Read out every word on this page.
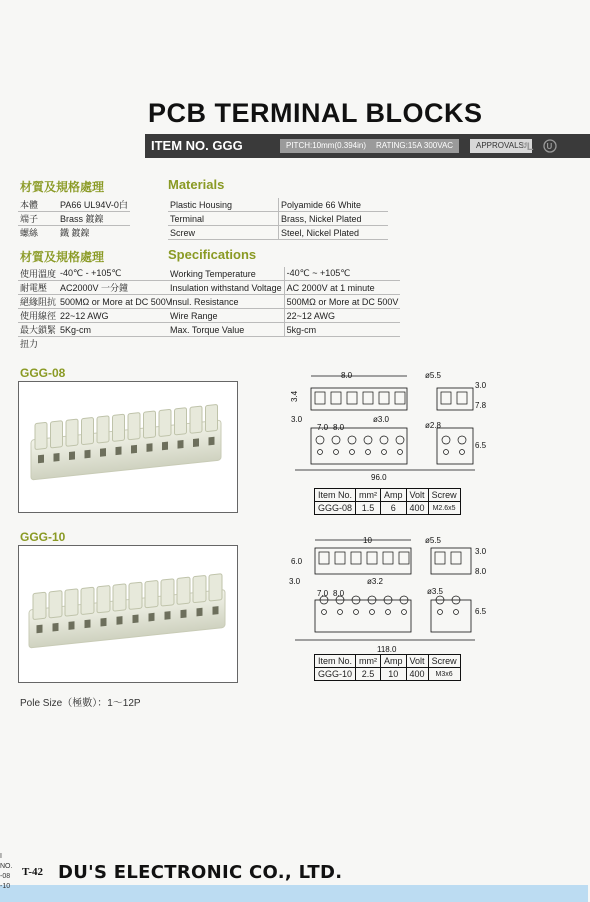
PCB TERMINAL BLOCKS
ITEM NO. GGG	PITCH:10mm(0.394in)	RATING:15A 300VAC	APPROVALS:
ᵁL U
材質及規格處理	Materials
本體	PA66 UL94V-0白
端子	Brass 鍍鎳
螺絲	鐵 鍍鎳
Plastic Housing	Polyamide 66 White
Terminal	Brass, Nickel Plated
Screw	Steel, Nickel Plated
材質及規格處理	Specifications
使用溫度	-40℃ - +105℃
耐電壓	AC2000V 一分鐘
絕緣阻抗	500MΩ or More at DC 500V
使用線徑	22~12 AWG
最大鎖緊	5Kg-cm
扭力	
Working Temperature	-40℃ ~ +105℃
Insulation withstand Voltage	AC 2000V at 1 minute
Insul. Resistance	500MΩ or More at DC 500V
Wire Range	22~12 AWG
Max. Torque Value	5kg-cm
GGG-08	8.0	ø5.5
3.4
3.0
7.8
3.0	ø3.0
7.0 8.0	ø2.8
6.5
96.0
Item No.	mm²	Amp	Volt	Screw
GGG-08	1.5	6	400	M2.6x5
GGG-10	10	ø5.5
6.0
3.0
8.0
3.0	ø3.2
7.0 8.0	ø3.5
6.5
118.0
Item No.	mm²	Amp	Volt	Screw
GGG-10	2.5	10	400	M3x6
Pole Size（極數）：1～12P
I NO.
-08
-10
T-42 DU'S ELECTRONIC CO., LTD.
